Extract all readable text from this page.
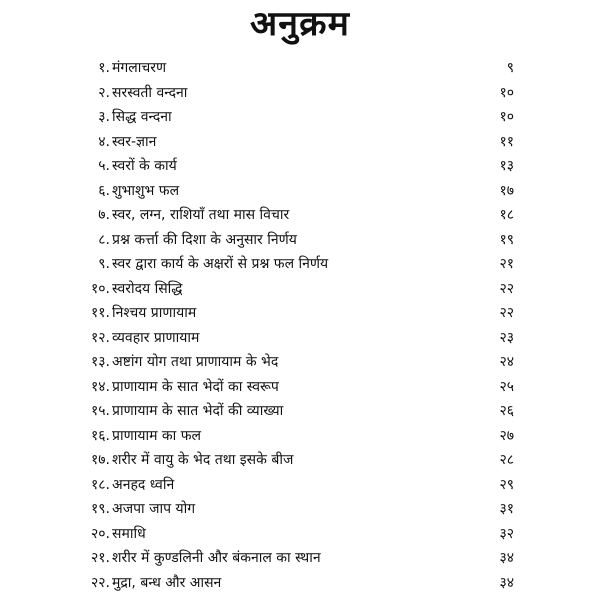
अनुक्रम
१. मंगलाचरण	९
२. सरस्वती वन्दना	१०
३. सिद्ध वन्दना	१०
४. स्वर-ज्ञान	११
५. स्वरों के कार्य	१३
६. शुभाशुभ फल	१७
७. स्वर, लग्न, राशियाँ तथा मास विचार	१८
८. प्रश्न कर्त्ता की दिशा के अनुसार निर्णय	१९
९. स्वर द्वारा कार्य के अक्षरों से प्रश्न फल निर्णय	२१
१०. स्वरोदय सिद्धि	२२
११. निश्चय प्राणायाम	२२
१२. व्यवहार प्राणायाम	२३
१३. अष्टांग योग तथा प्राणायाम के भेद	२४
१४. प्राणायाम के सात भेदों का स्वरूप	२५
१५. प्राणायाम के सात भेदों की व्याख्या	२६
१६. प्राणायाम का फल	२७
१७. शरीर में वायु के भेद तथा इसके बीज	२८
१८. अनहद ध्वनि	२९
१९. अजपा जाप योग	३१
२०. समाधि	३२
२१. शरीर में कुण्डलिनी और बंकनाल का स्थान	३४
२२. मुद्रा, बन्ध और आसन	३४
